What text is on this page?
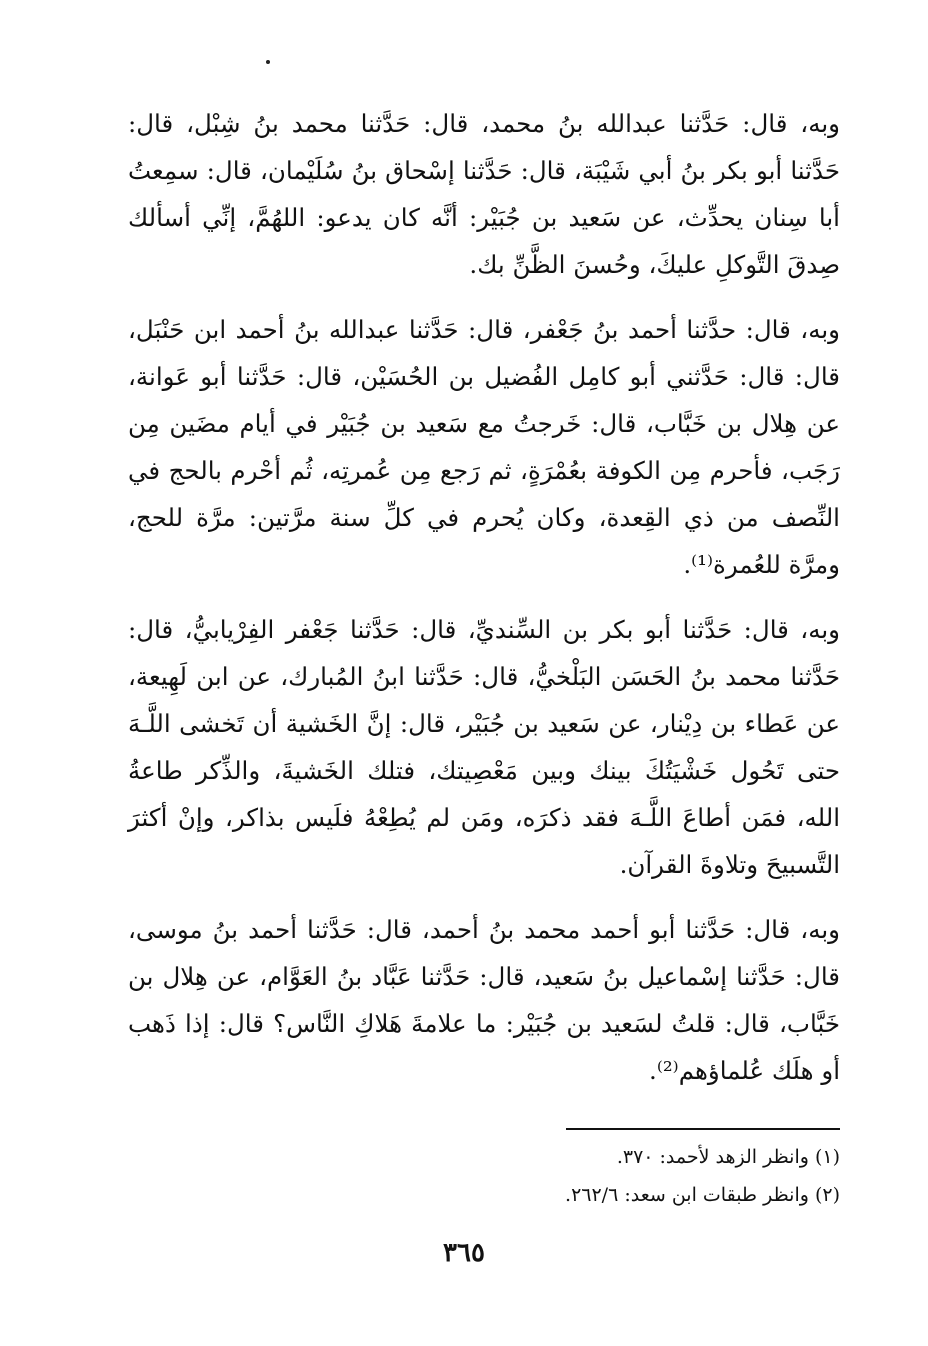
وبه، قال: حَدَّثنا عبدالله بنُ محمد، قال: حَدَّثنا محمد بنُ شِبْل، قال: حَدَّثنا أبو بكر بنُ أبي شَيْبَة، قال: حَدَّثنا إسْحاق بنُ سُلَيْمان، قال: سمِعتُ أبا سِنان يحدِّث، عن سَعيد بن جُبَيْر: أنَّه كان يدعو: اللهُمَّ، إنِّي أسألك صِدقَ التَّوكلِ عليكَ، وحُسنَ الظَّنِّ بك.

وبه، قال: حدَّثنا أحمد بنُ جَعْفر، قال: حَدَّثنا عبدالله بنُ أحمد ابن حَنْبَل، قال: قال: حَدَّثني أبو كامِل الفُضيل بن الحُسَيْن، قال: حَدَّثنا أبو عَوانة، عن هِلال بن خَبَّاب، قال: خَرجتُ مع سَعيد بن جُبَيْر في أيام مضَين مِن رَجَب، فأحرم مِن الكوفة بعُمْرَةٍ، ثم رَجع مِن عُمرتِه، ثُم أحْرم بالحج في النِّصف من ذي القِعدة، وكان يُحرم في كلِّ سنة مرَّتين: مرَّة للحج، ومرَّة للعُمرة⁽¹⁾.

وبه، قال: حَدَّثنا أبو بكر بن السِّنديِّ، قال: حَدَّثنا جَعْفر الفِرْيابيُّ، قال: حَدَّثنا محمد بنُ الحَسَن البَلْخيُّ، قال: حَدَّثنا ابنُ المُبارك، عن ابن لَهِيعة، عن عَطاء بن دِيْنار، عن سَعيد بن جُبَيْر، قال: إنَّ الخَشية أن تَخشى اللَّـهَ حتى تَحُول خَشْيَتُكَ بينك وبين مَعْصِيتك، فتلك الخَشيةَ، والذِّكر طاعةُ الله، فمَن أطاعَ اللَّـهَ فقد ذكرَه، ومَن لم يُطِعْهُ فلَيس بذاكر، وإنْ أكثرَ التَّسبيحَ وتلاوةَ القرآن.

وبه، قال: حَدَّثنا أبو أحمد محمد بنُ أحمد، قال: حَدَّثنا أحمد بنُ موسى، قال: حَدَّثنا إسْماعيل بنُ سَعيد، قال: حَدَّثنا عَبَّاد بنُ العَوَّام، عن هِلال بن خَبَّاب، قال: قلتُ لسَعيد بن جُبَيْر: ما علامةَ هَلاكِ النَّاس؟ قال: إذا ذَهب أو هلَك عُلماؤهم⁽²⁾.

(١) وانظر الزهد لأحمد: ٣٧٠.

(٢) وانظر طبقات ابن سعد: ٢٦٢/٦.

٣٦٥
